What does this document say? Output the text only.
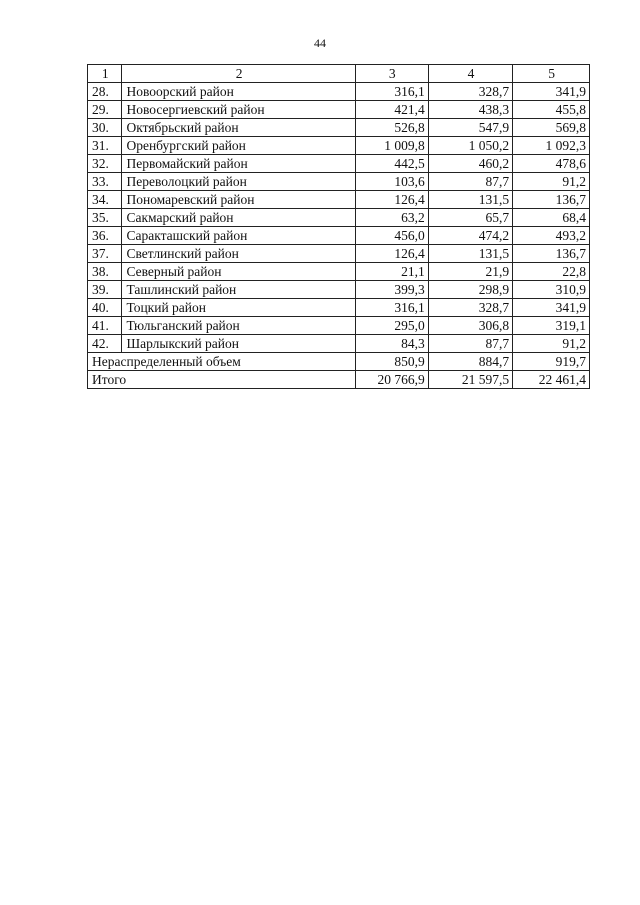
44
1	2	3	4	5
28.	Новоорский район	316,1	328,7	341,9
29.	Новосергиевский район	421,4	438,3	455,8
30.	Октябрьский район	526,8	547,9	569,8
31.	Оренбургский район	1 009,8	1 050,2	1 092,3
32.	Первомайский район	442,5	460,2	478,6
33.	Переволоцкий район	103,6	87,7	91,2
34.	Пономаревский район	126,4	131,5	136,7
35.	Сакмарский район	63,2	65,7	68,4
36.	Саракташский район	456,0	474,2	493,2
37.	Светлинский район	126,4	131,5	136,7
38.	Северный район	21,1	21,9	22,8
39.	Ташлинский район	399,3	298,9	310,9
40.	Тоцкий район	316,1	328,7	341,9
41.	Тюльганский район	295,0	306,8	319,1
42.	Шарлыкский район	84,3	87,7	91,2
Нераспределенный объем		850,9	884,7	919,7
Итого		20 766,9	21 597,5	22 461,4
